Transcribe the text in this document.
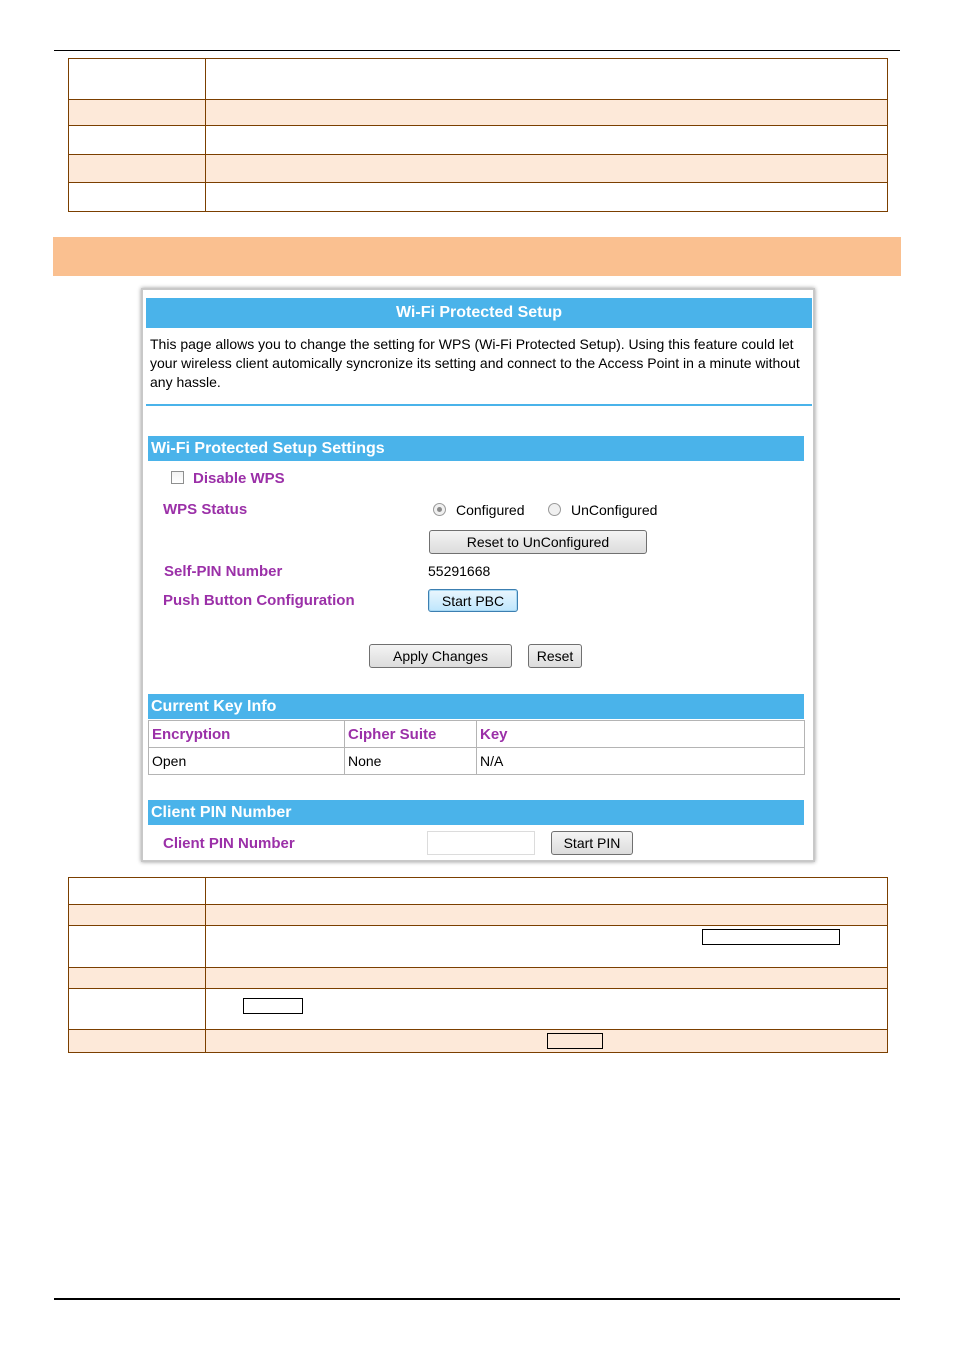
Wi-Fi Protected Setup
This page allows you to change the setting for WPS (Wi-Fi Protected Setup). Using this feature could let your wireless client automically syncronize its setting and connect to the Access Point in a minute without any hassle.
Wi-Fi Protected Setup Settings
Disable WPS
WPS Status	Configured	UnConfigured
Reset to UnConfigured
Self-PIN Number	55291668
Push Button Configuration	Start PBC
Apply Changes	Reset
Current Key Info
Encryption	Cipher Suite	Key
Open	None	N/A
Client PIN Number
Client PIN Number	Start PIN
